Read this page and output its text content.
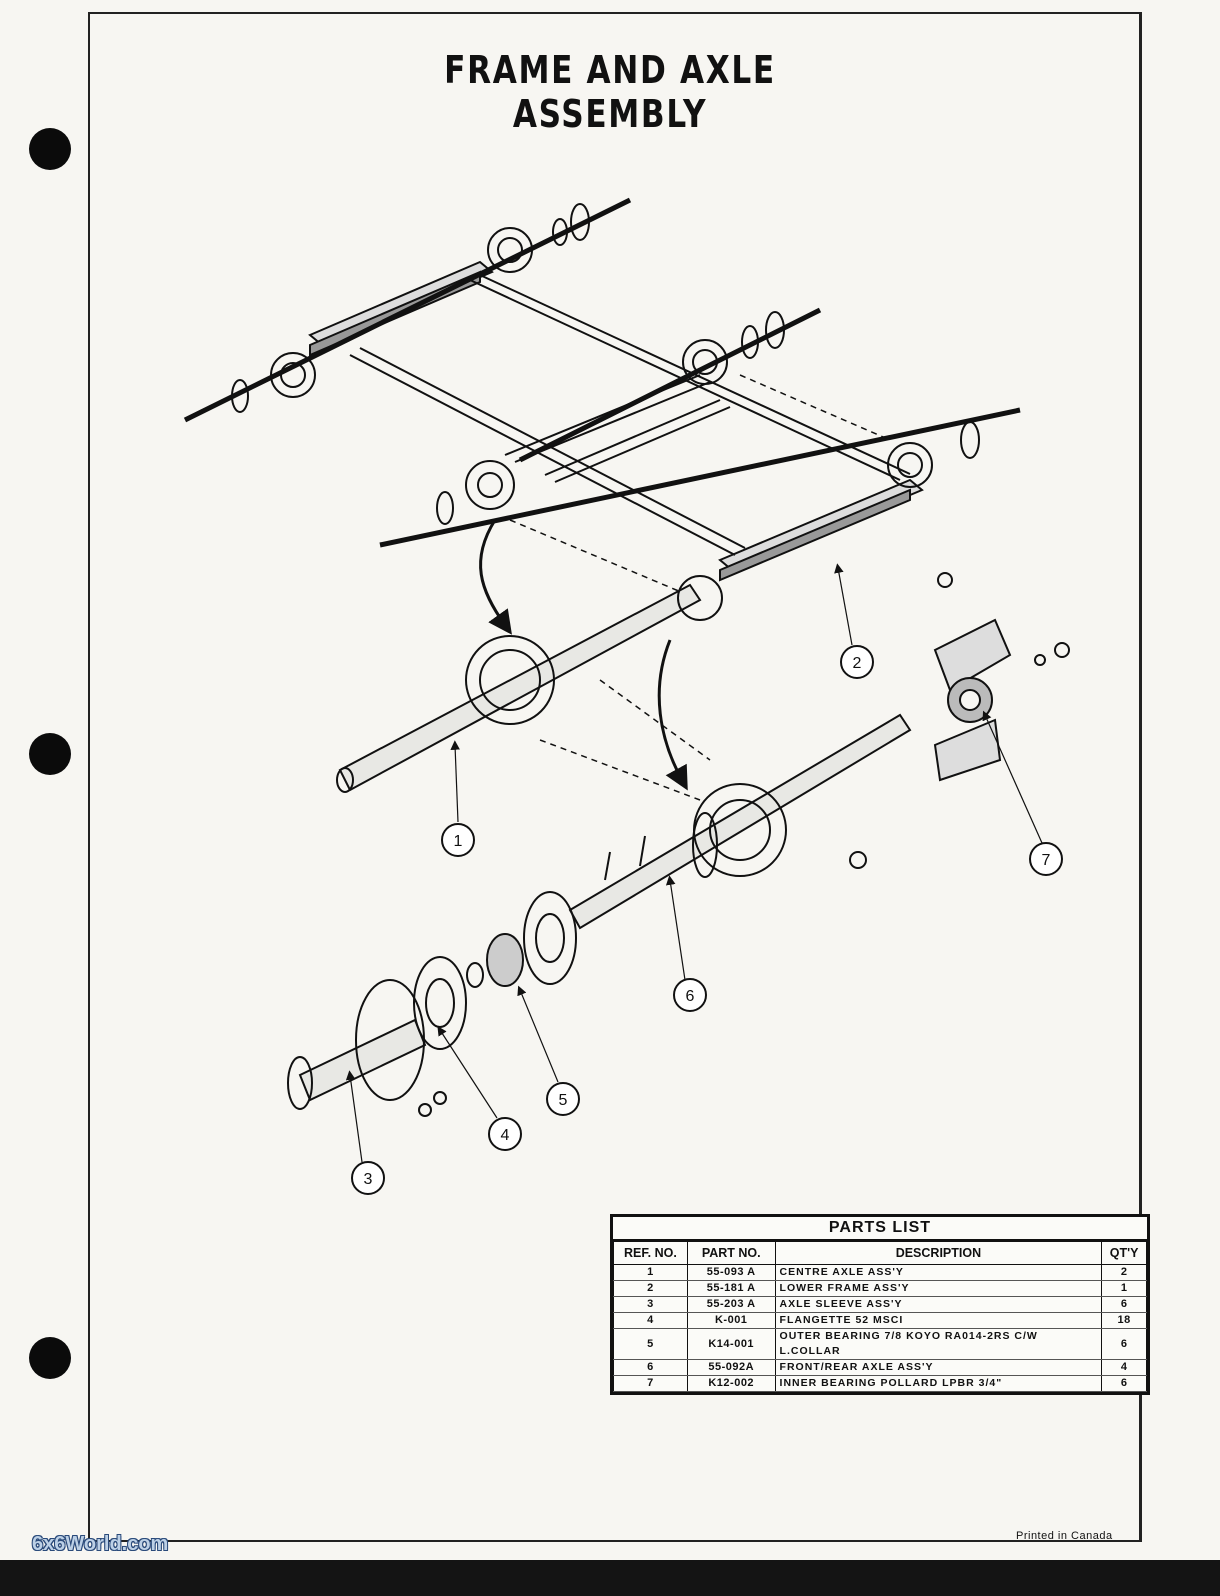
FRAME AND AXLE ASSEMBLY
1
2
3
4
5
6
7
PARTS LIST
REF. NO.	PART NO.	DESCRIPTION	QT'Y
1	55-093 A	CENTRE AXLE ASS'Y	2
2	55-181 A	LOWER FRAME ASS'Y	1
3	55-203 A	AXLE SLEEVE ASS'Y	6
4	K-001	FLANGETTE 52 MSCI	18
5	K14-001	OUTER BEARING 7/8 KOYO RA014-2RS C/W L.COLLAR	6
6	55-092A	FRONT/REAR AXLE ASS'Y	4
7	K12-002	INNER BEARING POLLARD LPBR 3/4"	6
Printed in Canada
6x6World.com
